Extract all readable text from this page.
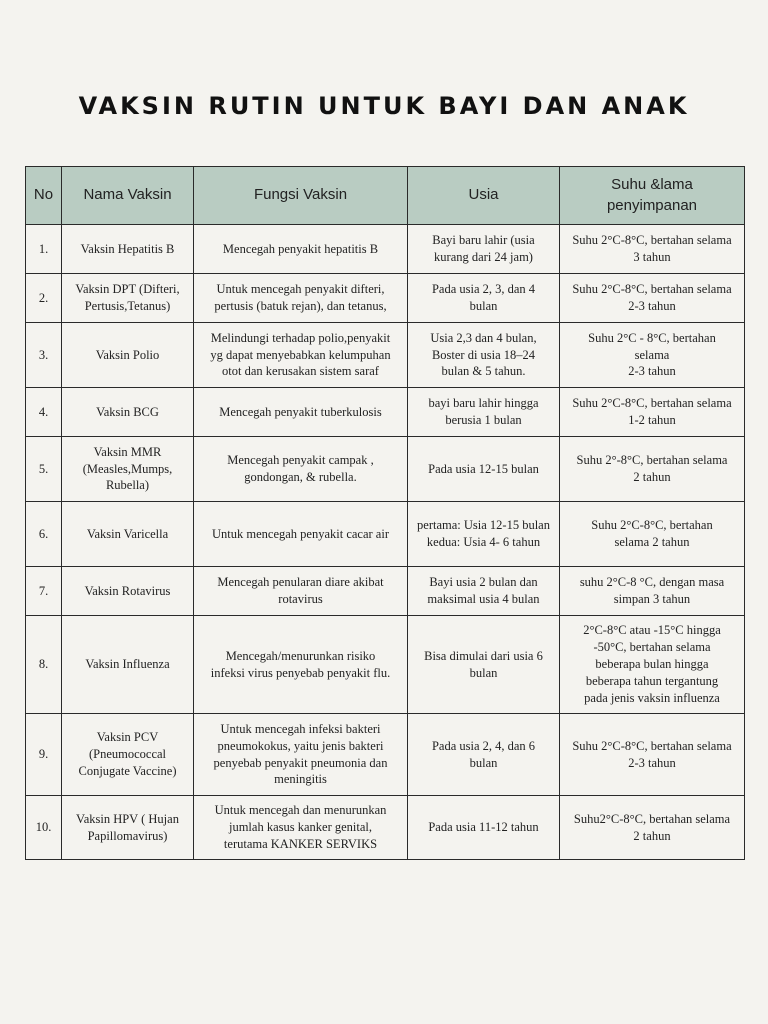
VAKSIN RUTIN UNTUK BAYI DAN ANAK
No	Nama Vaksin	Fungsi Vaksin	Usia	Suhu &lama
penyimpanan
1.	Vaksin Hepatitis B	Mencegah penyakit hepatitis B	Bayi baru lahir (usia
kurang dari 24 jam)	Suhu 2°C-8°C, bertahan selama
3 tahun
2.	Vaksin DPT (Difteri,
Pertusis,Tetanus)	Untuk mencegah penyakit difteri,
pertusis (batuk rejan), dan tetanus,	Pada usia 2, 3, dan 4
bulan	Suhu 2°C-8°C, bertahan selama
2-3 tahun
3.	Vaksin Polio	Melindungi terhadap polio,penyakit
yg dapat menyebabkan kelumpuhan
otot dan kerusakan sistem saraf	Usia 2,3 dan 4 bulan,
Boster di usia 18–24
bulan & 5 tahun.	Suhu 2°C - 8°C, bertahan
selama
2-3 tahun
4.	Vaksin BCG	Mencegah penyakit tuberkulosis	bayi baru lahir hingga
berusia 1 bulan	Suhu 2°C-8°C, bertahan selama
1-2 tahun
5.	Vaksin MMR
(Measles,Mumps,
Rubella)	Mencegah penyakit campak ,
gondongan, & rubella.	Pada usia 12-15 bulan	Suhu 2°-8°C, bertahan selama
2 tahun
6.	Vaksin Varicella	Untuk mencegah penyakit cacar air	pertama: Usia 12-15 bulan
kedua: Usia 4- 6 tahun	Suhu 2°C-8°C, bertahan
selama 2 tahun
7.	Vaksin Rotavirus	Mencegah penularan diare akibat
rotavirus	Bayi usia 2 bulan dan
maksimal usia 4 bulan	suhu 2°C-8 °C, dengan masa
simpan 3 tahun
8.	Vaksin Influenza	Mencegah/menurunkan risiko
infeksi virus penyebab penyakit flu.	Bisa dimulai dari usia 6
bulan	2°C-8°C atau -15°C hingga
-50°C, bertahan selama
beberapa bulan hingga
beberapa tahun tergantung
pada jenis vaksin influenza
9.	Vaksin PCV
(Pneumococcal
Conjugate Vaccine)	Untuk mencegah infeksi bakteri
pneumokokus, yaitu jenis bakteri
penyebab penyakit pneumonia dan
meningitis	Pada usia 2, 4, dan 6
bulan	Suhu 2°C-8°C, bertahan selama
2-3 tahun
10.	Vaksin HPV ( Hujan
Papillomavirus)	Untuk mencegah dan menurunkan
jumlah kasus kanker genital,
terutama KANKER SERVIKS	Pada usia 11-12 tahun	Suhu2°C-8°C, bertahan selama
2 tahun
